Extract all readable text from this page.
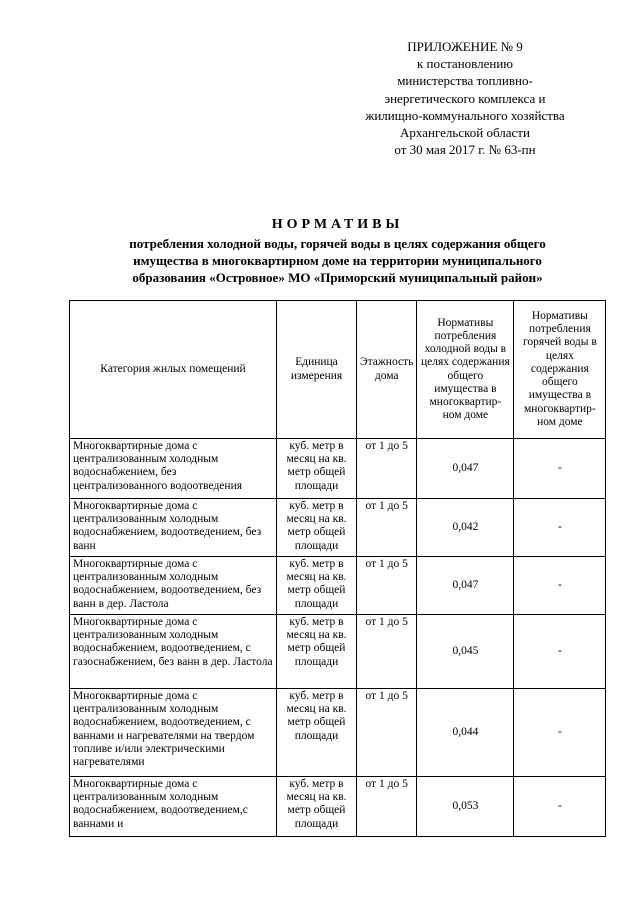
ПРИЛОЖЕНИЕ № 9
к постановлению
министерства топливно-
энергетического комплекса и
жилищно-коммунального хозяйства
Архангельской области
от 30 мая 2017 г. № 63-пн
НОРМАТИВЫ
потребления холодной воды, горячей воды в целях содержания общего
имущества в многоквартирном доме на территории муниципального
образования «Островное» МО «Приморский муниципальный район»
Категория жилых помещений	Единица измерения	Этажность дома	Нормативы потребления холодной воды в целях содержания общего имущества в многоквартир-ном доме	Нормативы потребления горячей воды в целях содержания общего имущества в многоквартир-ном доме
Многоквартирные дома с централизованным холодным водоснабжением, без централизованного водоотведения	куб. метр в месяц на кв. метр общей площади	от 1 до 5	0,047	-
Многоквартирные дома с централизованным холодным водоснабжением, водоотведением, без ванн	куб. метр в месяц на кв. метр общей площади	от 1 до 5	0,042	-
Многоквартирные дома с централизованным холодным водоснабжением, водоотведением, без ванн в дер. Ластола	куб. метр в месяц на кв. метр общей площади	от 1 до 5	0,047	-
Многоквартирные дома с централизованным холодным водоснабжением, водоотведением, с газоснабжением, без ванн в дер. Ластола	куб. метр в месяц на кв. метр общей площади	от 1 до 5	0,045	-
Многоквартирные дома с централизованным холодным водоснабжением, водоотведением, с ваннами и нагревателями на твердом топливе и/или электрическими нагревателями	куб. метр в месяц на кв. метр общей площади	от 1 до 5	0,044	-
Многоквартирные дома с централизованным холодным водоснабжением, водоотведением,с ваннами и	куб. метр в месяц на кв. метр общей площади	от 1 до 5	0,053	-
